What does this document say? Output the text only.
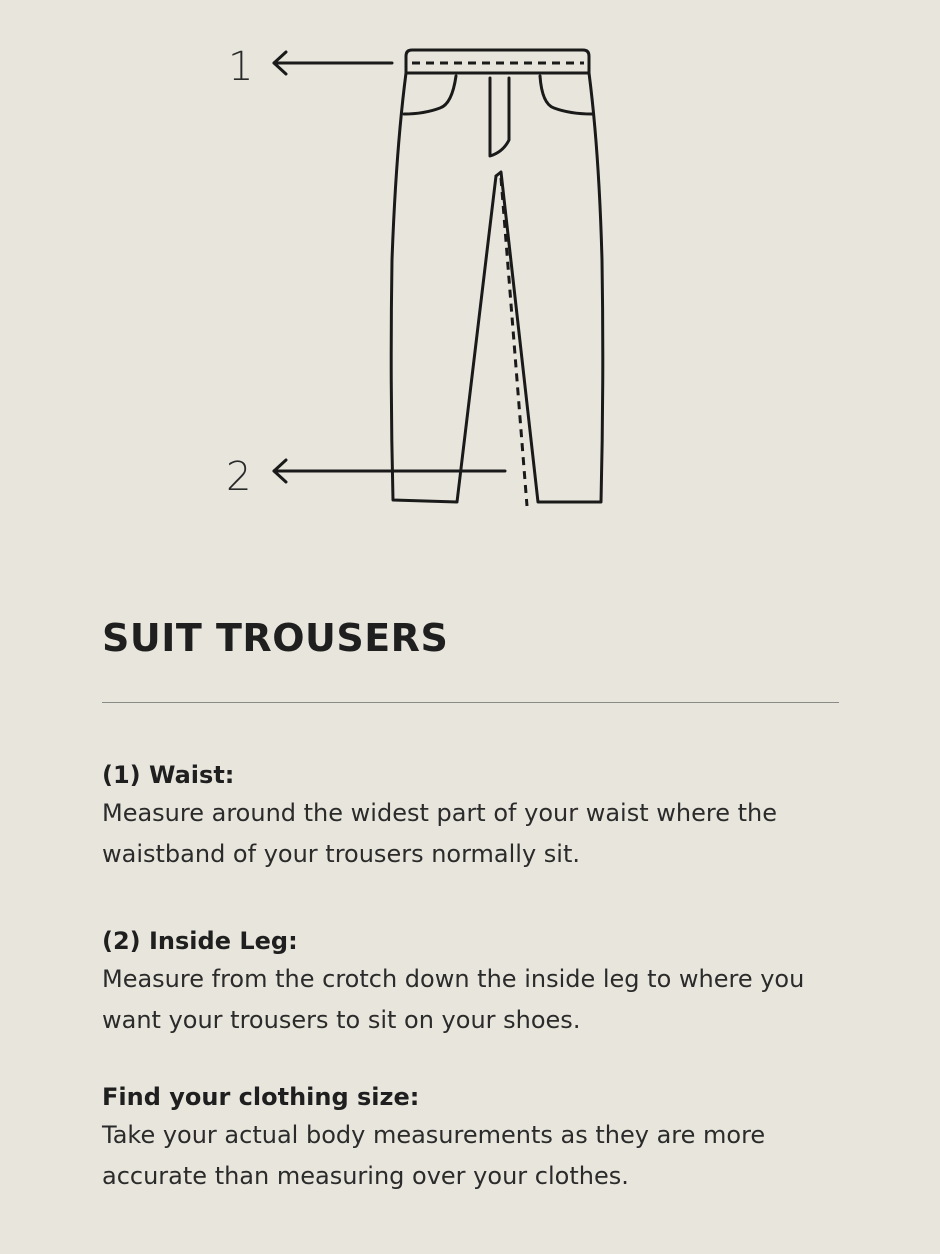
1
2
SUIT TROUSERS

(1) Waist:

Measure around the widest part of your waist where the waistband of your trousers normally sit.

(2) Inside Leg:

Measure from the crotch down the inside leg to where you want your trousers to sit on your shoes.

Find your clothing size:

Take your actual body measurements as they are more accurate than measuring over your clothes.
